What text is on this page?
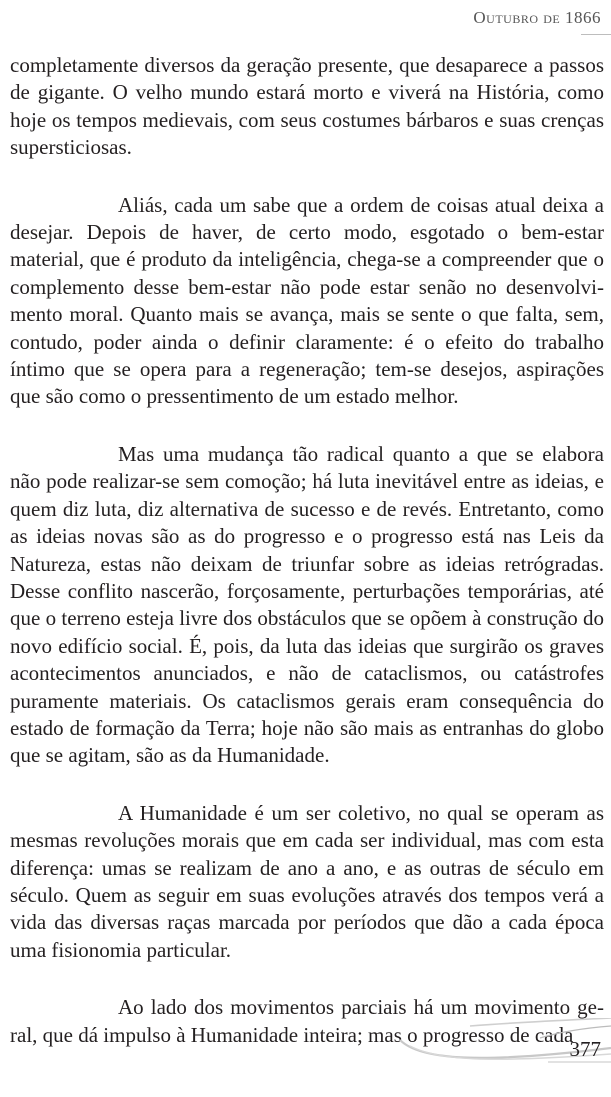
Outubro de 1866

completamente diversos da geração presente, que desaparece a passos de gigante. O velho mundo estará morto e viverá na História, como hoje os tempos medievais, com seus costumes bárbaros e suas crenças supersticiosas.

Aliás, cada um sabe que a ordem de coisas atual deixa a desejar. Depois de haver, de certo modo, esgotado o bem-estar material, que é produto da inteligência, chega-se a compreender que o complemento desse bem-estar não pode estar senão no desenvolvimento moral. Quanto mais se avança, mais se sente o que falta, sem, contudo, poder ainda o definir claramente: é o efeito do trabalho íntimo que se opera para a regeneração; tem-se desejos, aspirações que são como o pressentimento de um estado melhor.

Mas uma mudança tão radical quanto a que se elabora não pode realizar-se sem comoção; há luta inevitável entre as ideias, e quem diz luta, diz alternativa de sucesso e de revés. Entretanto, como as ideias novas são as do progresso e o progresso está nas Leis da Natureza, estas não deixam de triunfar sobre as ideias retrógradas. Desse conflito nascerão, forçosamente, perturbações temporárias, até que o terreno esteja livre dos obstáculos que se opõem à construção do novo edifício social. É, pois, da luta das ideias que surgirão os graves acontecimentos anunciados, e não de cataclismos, ou catástrofes puramente materiais. Os cataclismos gerais eram consequência do estado de formação da Terra; hoje não são mais as entranhas do globo que se agitam, são as da Humanidade.

A Humanidade é um ser coletivo, no qual se operam as mesmas revoluções morais que em cada ser individual, mas com esta diferença: umas se realizam de ano a ano, e as outras de século em século. Quem as seguir em suas evoluções através dos tempos verá a vida das diversas raças marcada por períodos que dão a cada época uma fisionomia particular.

Ao lado dos movimentos parciais há um movimento geral, que dá impulso à Humanidade inteira; mas o progresso de cada

377
